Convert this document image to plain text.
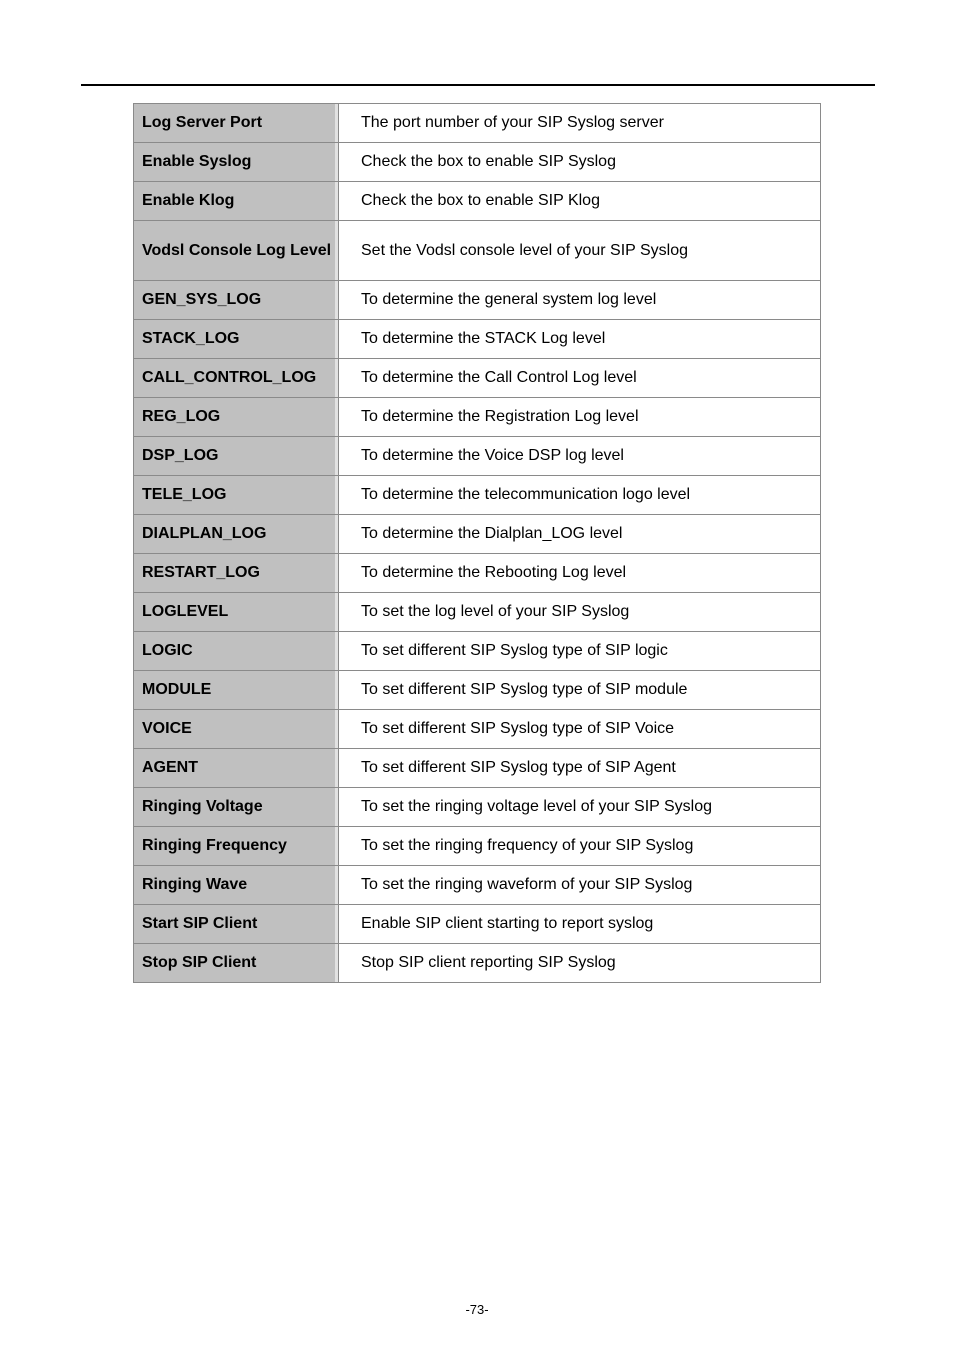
Log Server Port	The port number of your SIP Syslog server
Enable Syslog	Check the box to enable SIP Syslog
Enable Klog	Check the box to enable SIP Klog
Vodsl Console Log Level	Set the Vodsl console level of your SIP Syslog
GEN_SYS_LOG	To determine the general system log level
STACK_LOG	To determine the STACK Log level
CALL_CONTROL_LOG	To determine the Call Control Log level
REG_LOG	To determine the Registration Log level
DSP_LOG	To determine the Voice DSP log level
TELE_LOG	To determine the telecommunication logo level
DIALPLAN_LOG	To determine the Dialplan_LOG level
RESTART_LOG	To determine the Rebooting Log level
LOGLEVEL	To set the log level of your SIP Syslog
LOGIC	To set different SIP Syslog type of SIP logic
MODULE	To set different SIP Syslog type of SIP module
VOICE	To set different SIP Syslog type of SIP Voice
AGENT	To set different SIP Syslog type of SIP Agent
Ringing Voltage	To set the ringing voltage level of your SIP Syslog
Ringing Frequency	To set the ringing frequency of your SIP Syslog
Ringing Wave	To set the ringing waveform of your SIP Syslog
Start SIP Client	Enable SIP client starting to report syslog
Stop SIP Client	Stop SIP client reporting SIP Syslog
-73-
